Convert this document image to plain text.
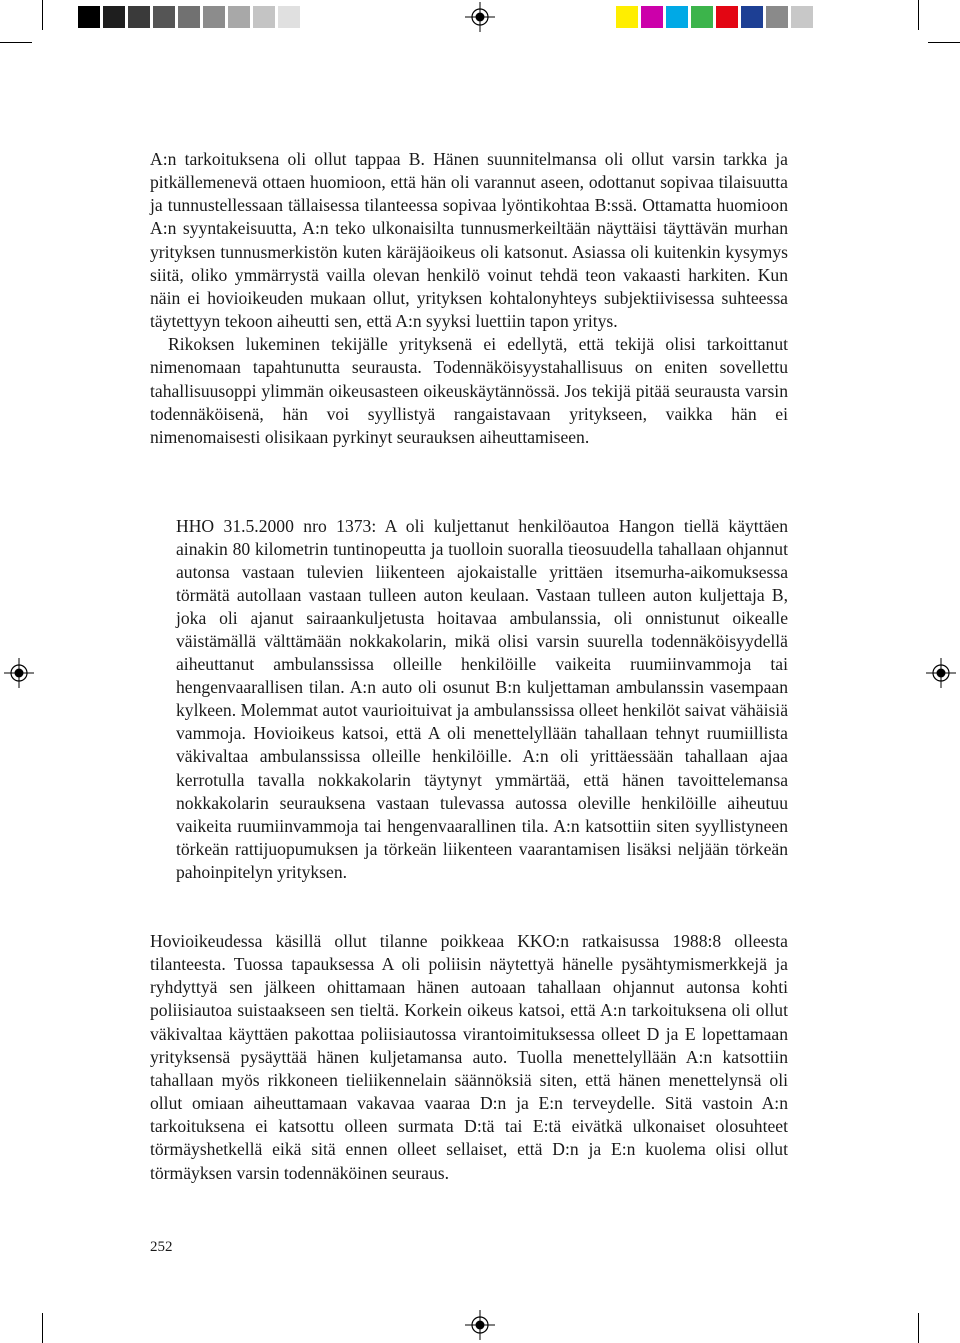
A:n tarkoituksena oli ollut tappaa B. Hänen suunnitelmansa oli ollut varsin tarkka ja pitkällemenevä ottaen huomioon, että hän oli varannut aseen, odottanut sopivaa tilaisuutta ja tunnustellessaan tällaisessa tilanteessa sopivaa lyöntikohtaa B:ssä. Ottamatta huomioon A:n syyntakeisuutta, A:n teko ulkonaisilta tunnusmerkeiltään näyttäisi täyttävän murhan yrityksen tunnusmerkistön kuten käräjäoikeus oli katsonut. Asiassa oli kuitenkin kysymys siitä, oliko ymmärrystä vailla olevan henkilö voinut tehdä teon vakaasti harkiten. Kun näin ei hovioikeuden mukaan ollut, yrityksen kohtalonyhteys subjektiivisessa suhteessa täytettyyn tekoon aiheutti sen, että A:n syyksi luettiin tapon yritys.

Rikoksen lukeminen tekijälle yrityksenä ei edellytä, että tekijä olisi tarkoittanut nimenomaan tapahtunutta seurausta. Todennäköisyystahallisuus on eniten sovellettu tahallisuusoppi ylimmän oikeusasteen oikeuskäytännössä. Jos tekijä pitää seurausta varsin todennäköisenä, hän voi syyllistyä rangaistavaan yritykseen, vaikka hän ei nimenomaisesti olisikaan pyrkinyt seurauksen aiheuttamiseen.

HHO 31.5.2000 nro 1373: A oli kuljettanut henkilöautoa Hangon tiellä käyttäen ainakin 80 kilometrin tuntinopeutta ja tuolloin suoralla tieosuudella tahallaan ohjannut autonsa vastaan tulevien liikenteen ajokaistalle yrittäen itsemurha-aikomuksessa törmätä autollaan vastaan tulleen auton keulaan. Vastaan tulleen auton kuljettaja B, joka oli ajanut sairaankuljetusta hoitavaa ambulanssia, oli onnistunut oikealle väistämällä välttämään nokkakolarin, mikä olisi varsin suurella todennäköisyydellä aiheuttanut ambulanssissa olleille henkilöille vaikeita ruumiinvammoja tai hengenvaarallisen tilan. A:n auto oli osunut B:n kuljettaman ambulanssin vasempaan kylkeen. Molemmat autot vaurioituivat ja ambulanssissa olleet henkilöt saivat vähäisiä vammoja. Hovioikeus katsoi, että A oli menettelyllään tahallaan tehnyt ruumiillista väkivaltaa ambulanssissa olleille henkilöille. A:n oli yrittäessään tahallaan ajaa kerrotulla tavalla nokkakolarin täytynyt ymmärtää, että hänen tavoittelemansa nokkakolarin seurauksena vastaan tulevassa autossa oleville henkilöille aiheutuu vaikeita ruumiinvammoja tai hengenvaarallinen tila. A:n katsottiin siten syyllistyneen törkeän rattijuopumuksen ja törkeän liikenteen vaarantamisen lisäksi neljään törkeän pahoinpitelyn yrityksen.

Hovioikeudessa käsillä ollut tilanne poikkeaa KKO:n ratkaisussa 1988:8 olleesta tilanteesta. Tuossa tapauksessa A oli poliisin näytettyä hänelle pysähtymismerkkejä ja ryhdyttyä sen jälkeen ohittamaan hänen autoaan tahallaan ohjannut autonsa kohti poliisiautoa suistaakseen sen tieltä. Korkein oikeus katsoi, että A:n tarkoituksena oli ollut väkivaltaa käyttäen pakottaa poliisiautossa virantoimituksessa olleet D ja E lopettamaan yrityksensä pysäyttää hänen kuljetamansa auto. Tuolla menettelyllään A:n katsottiin tahallaan myös rikkoneen tieliikennelain säännöksiä siten, että hänen menettelynsä oli ollut omiaan aiheuttamaan vakavaa vaaraa D:n ja E:n terveydelle. Sitä vastoin A:n tarkoituksena ei katsottu olleen surmata D:tä tai E:tä eivätkä ulkonaiset olosuhteet törmäyshetkellä eikä sitä ennen olleet sellaiset, että D:n ja E:n kuolema olisi ollut törmäyksen varsin todennäköinen seuraus.

252
